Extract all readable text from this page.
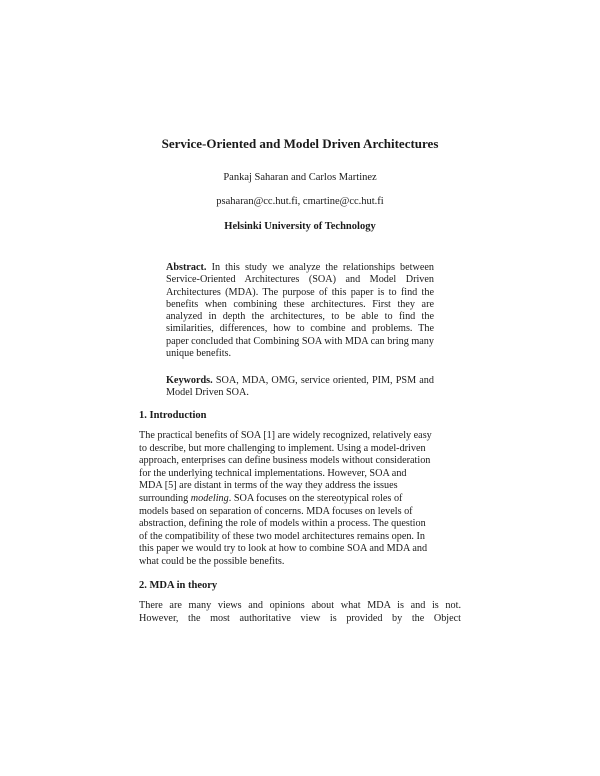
Service-Oriented and Model Driven Architectures

Pankaj Saharan and Carlos Martinez

psaharan@cc.hut.fi, cmartine@cc.hut.fi

Helsinki University of Technology

Abstract. In this study we analyze the relationships between Service-Oriented Architectures (SOA) and Model Driven Architectures (MDA). The purpose of this paper is to find the benefits when combining these architectures. First they are analyzed in depth the architectures, to be able to find the similarities, differences, how to combine and problems. The paper concluded that Combining SOA with MDA can bring many unique benefits.

Keywords. SOA, MDA, OMG, service oriented, PIM, PSM and Model Driven SOA.

1. Introduction
The practical benefits of SOA [1] are widely recognized, relatively easy
to describe, but more challenging to implement. Using a model-driven
approach, enterprises can define business models without consideration
for the underlying technical implementations. However, SOA and
MDA [5] are distant in terms of the way they address the issues
surrounding modeling. SOA focuses on the stereotypical roles of
models based on separation of concerns. MDA focuses on levels of
abstraction, defining the role of models within a process. The question
of the compatibility of these two model architectures remains open. In
this paper we would try to look at how to combine SOA and MDA and
what could be the possible benefits.
2. MDA in theory
There are many views and opinions about what MDA is and is not.
However, the most authoritative view is provided by the Object
